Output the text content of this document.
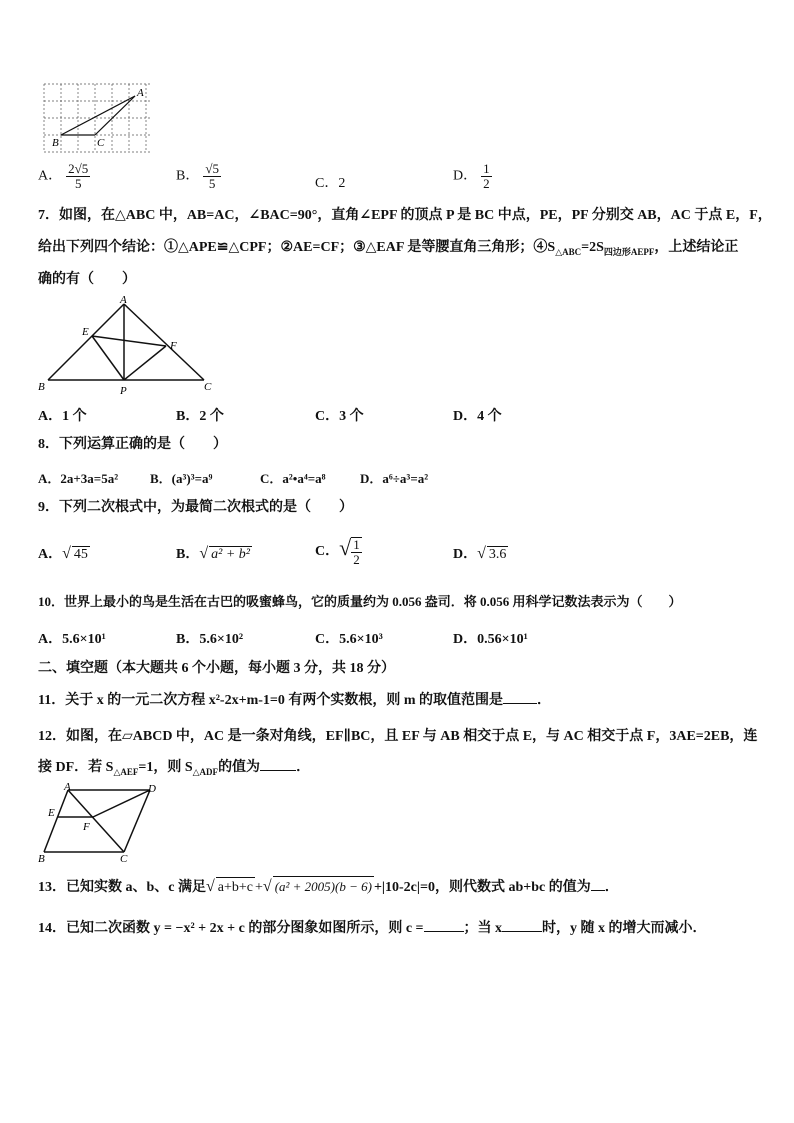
A
B	C
A． $\frac{2√5}{5}$	B． $\frac{√5}{5}$	C．2	D． $\frac{1}{2}$
7．如图，在△ABC 中，AB=AC，∠BAC=90°，直角∠EPF 的顶点 P 是 BC 中点，PE，PF 分别交 AB，AC 于点 E，F，
给出下列四个结论：①△APE≌△CPF；②AE=CF；③△EAF 是等腰直角三角形；$④S_{\triangle ABC}=2S_{四边形AEPF}$，上述结论正
确的有（　　）
A
E
F
B	P	C
A．1 个	B．2 个	C．3 个	D．4 个
8．下列运算正确的是（　　）
A．2a+3a=5a² B．(a³)³=a⁹	C．a²•a⁴=a⁸	D．a⁶÷a³=a²
9．下列二次根式中，为最简二次根式的是（　　）
A．√ 45	B．√ a² + b²	C．√ $\frac{1}{2}$	D．√ 3.6
10．世界上最小的鸟是生活在古巴的吸蜜蜂鸟，它的质量约为 0.056 盎司．将 0.056 用科学记数法表示为（　　）
A．5.6×10¹	B．5.6×10²	C．5.6×10³	D．0.56×10¹
二、填空题（本大题共 6 个小题，每小题 3 分，共 18 分）
11．关于 x 的一元二次方程 x²-2x+m-1=0 有两个实数根，则 m 的取值范围是 ．
12．如图，在▱ABCD 中，AC 是一条对角线，EF∥BC，且 EF 与 AB 相交于点 E，与 AC 相交于点 F，3AE=2EB，连
接 DF．若 $S_{\triangle AEF}=1$，则 $S_{\triangle ADF}$的值为	．
A	D
E
F
B	C
13．已知实数 a、b、c 满足√ a+b+c +√ (a² + 2005)(b − 6) +|10-2c|=0，则代数式 ab+bc 的值为 ．
14．已知二次函数 y = −x² + 2x + c 的部分图象如图所示，则 c =	；当 x	时，y 随 x 的增大而减小．
